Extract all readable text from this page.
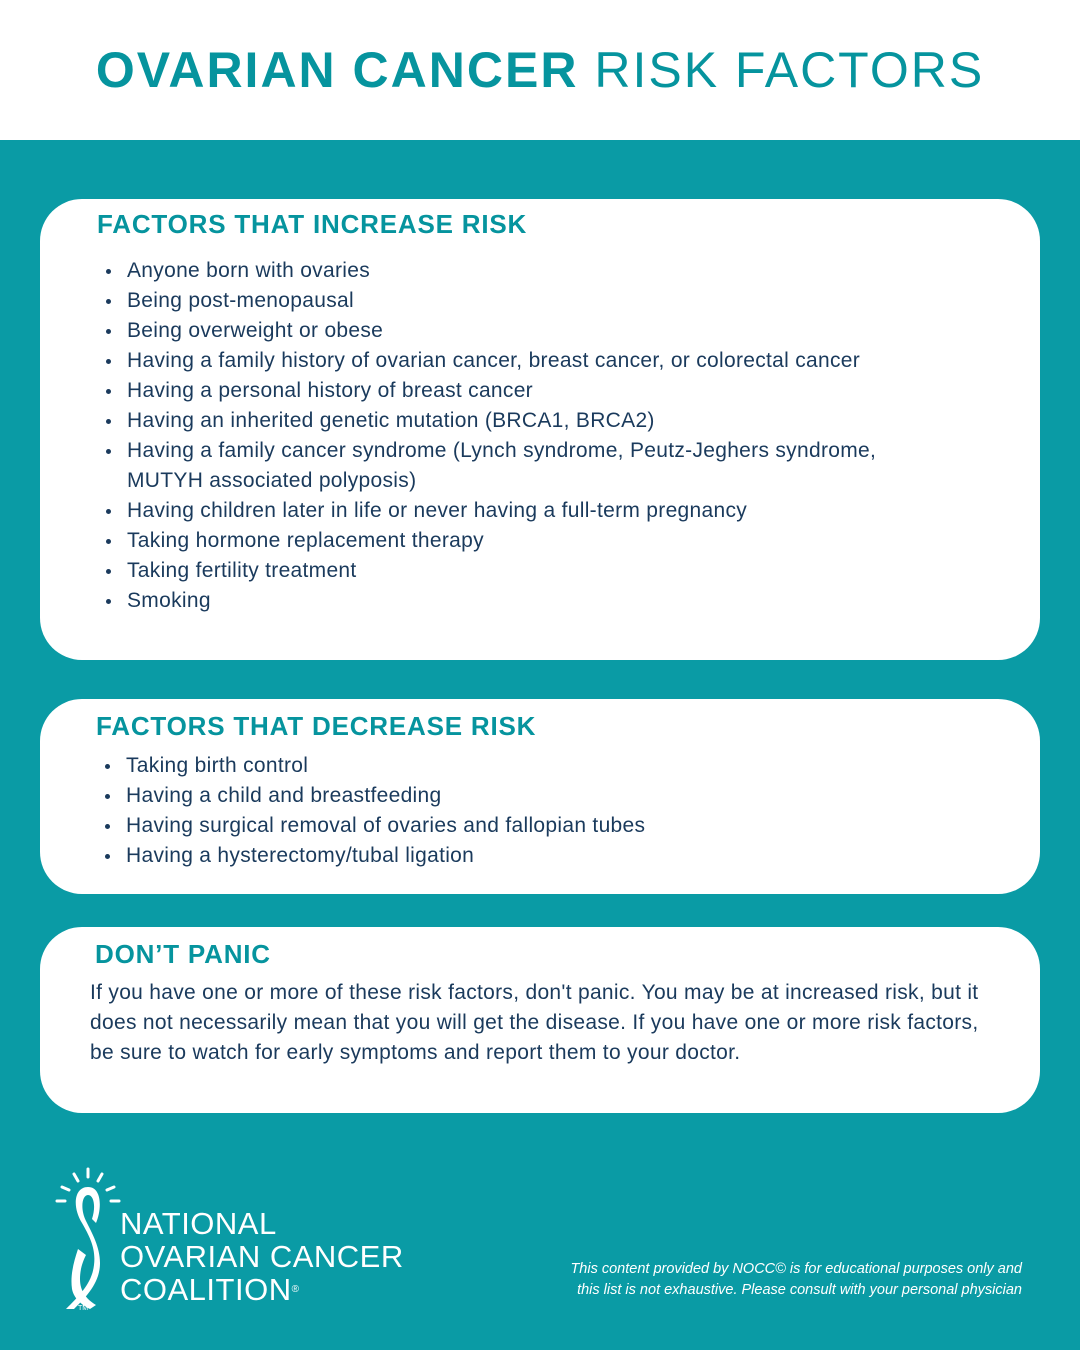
OVARIAN CANCER RISK FACTORS
FACTORS THAT INCREASE RISK
Anyone born with ovaries
Being post-menopausal
Being overweight or obese
Having a family history of ovarian cancer, breast cancer, or colorectal cancer
Having a personal history of breast cancer
Having an inherited genetic mutation (BRCA1, BRCA2)
Having a family cancer syndrome (Lynch syndrome, Peutz-Jeghers syndrome, MUTYH associated polyposis)
Having children later in life or never having a full-term pregnancy
Taking hormone replacement therapy
Taking fertility treatment
Smoking
FACTORS THAT DECREASE RISK
Taking birth control
Having a child and breastfeeding
Having surgical removal of ovaries and fallopian tubes
Having a hysterectomy/tubal ligation
DON’T PANIC

If you have one or more of these risk factors, don't panic. You may be at increased risk, but it does not necessarily mean that you will get the disease. If you have one or more risk factors, be sure to watch for early symptoms and report them to your doctor.

NATIONAL
OVARIAN CANCER
COALITION®
TM

This content provided by NOCC© is for educational purposes only and
this list is not exhaustive. Please consult with your personal physician
